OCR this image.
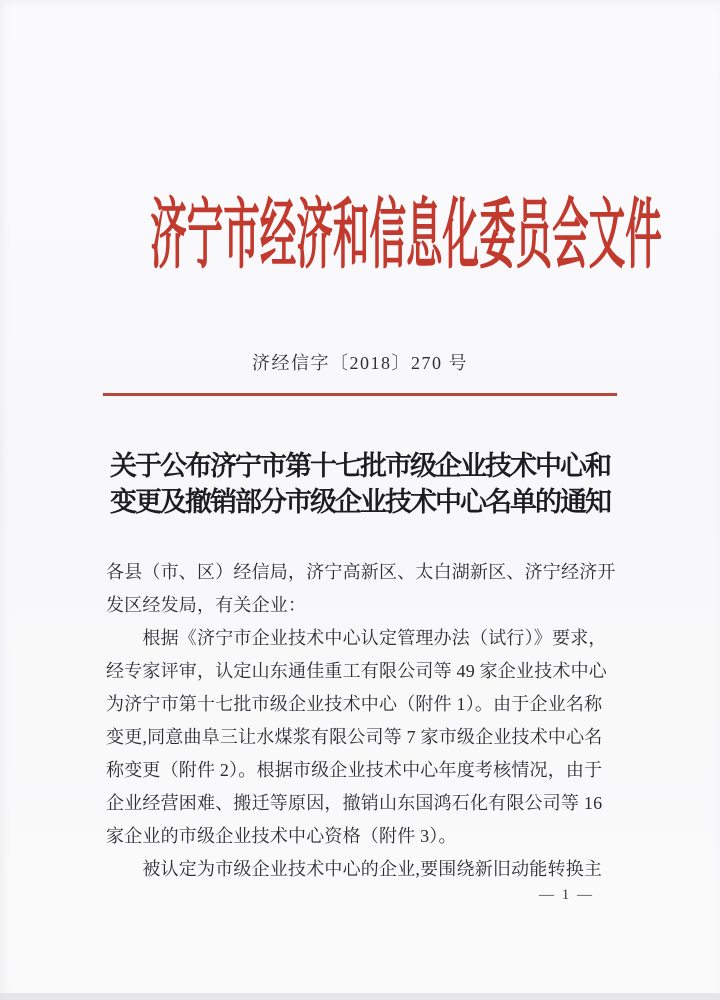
济宁市经济和信息化委员会文件
济经信字〔2018〕270 号
关于公布济宁市第十七批市级企业技术中心和
变更及撤销部分市级企业技术中心名单的通知
各县（市、区）经信局，济宁高新区、太白湖新区、济宁经济开
发区经发局，有关企业：
　　根据《济宁市企业技术中心认定管理办法（试行）》要求，
经专家评审，认定山东通佳重工有限公司等 49 家企业技术中心
为济宁市第十七批市级企业技术中心（附件 1）。由于企业名称
变更,同意曲阜三让水煤浆有限公司等 7 家市级企业技术中心名
称变更（附件 2）。根据市级企业技术中心年度考核情况，由于
企业经营困难、搬迁等原因，撤销山东国鸿石化有限公司等 16
家企业的市级企业技术中心资格（附件 3）。
　　被认定为市级企业技术中心的企业,要围绕新旧动能转换主
— 1 —
